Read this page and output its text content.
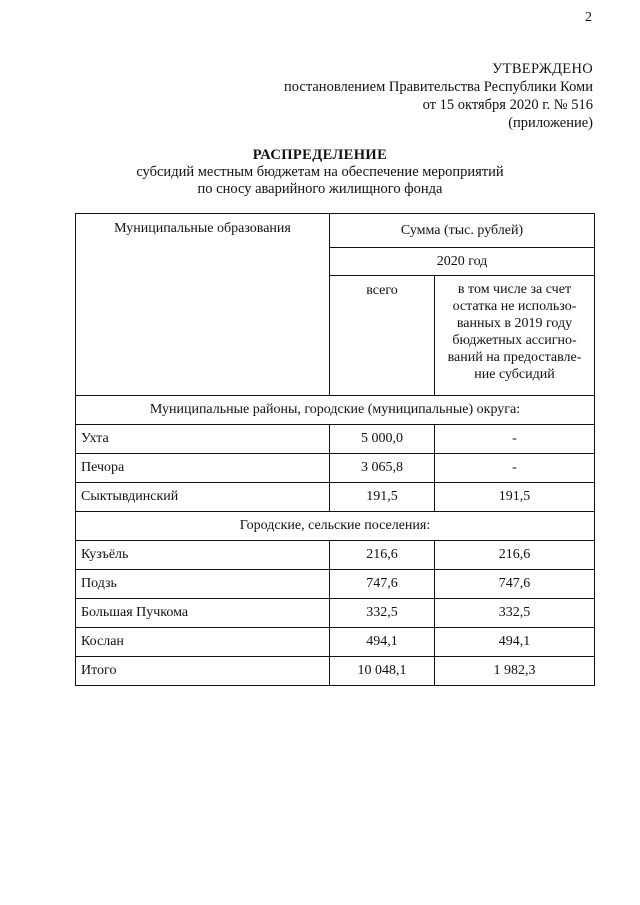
2
УТВЕРЖДЕНО
постановлением Правительства Республики Коми
от 15 октября 2020 г. № 516
(приложение)
РАСПРЕДЕЛЕНИЕ
субсидий местным бюджетам на обеспечение мероприятий
по сносу аварийного жилищного фонда
Муниципальные образования	Сумма (тыс. рублей)	
	2020 год	
	всего	в том числе за счет остатка не использо-ванных в 2019 году бюджетных ассигно-ваний на предоставле-ние субсидий
Муниципальные районы, городские (муниципальные) округа:		
Ухта	5 000,0	-
Печора	3 065,8	-
Сыктывдинский	191,5	191,5
Городские, сельские поселения:		
Кузъёль	216,6	216,6
Подзь	747,6	747,6
Большая Пучкома	332,5	332,5
Кослан	494,1	494,1
Итого	10 048,1	1 982,3
